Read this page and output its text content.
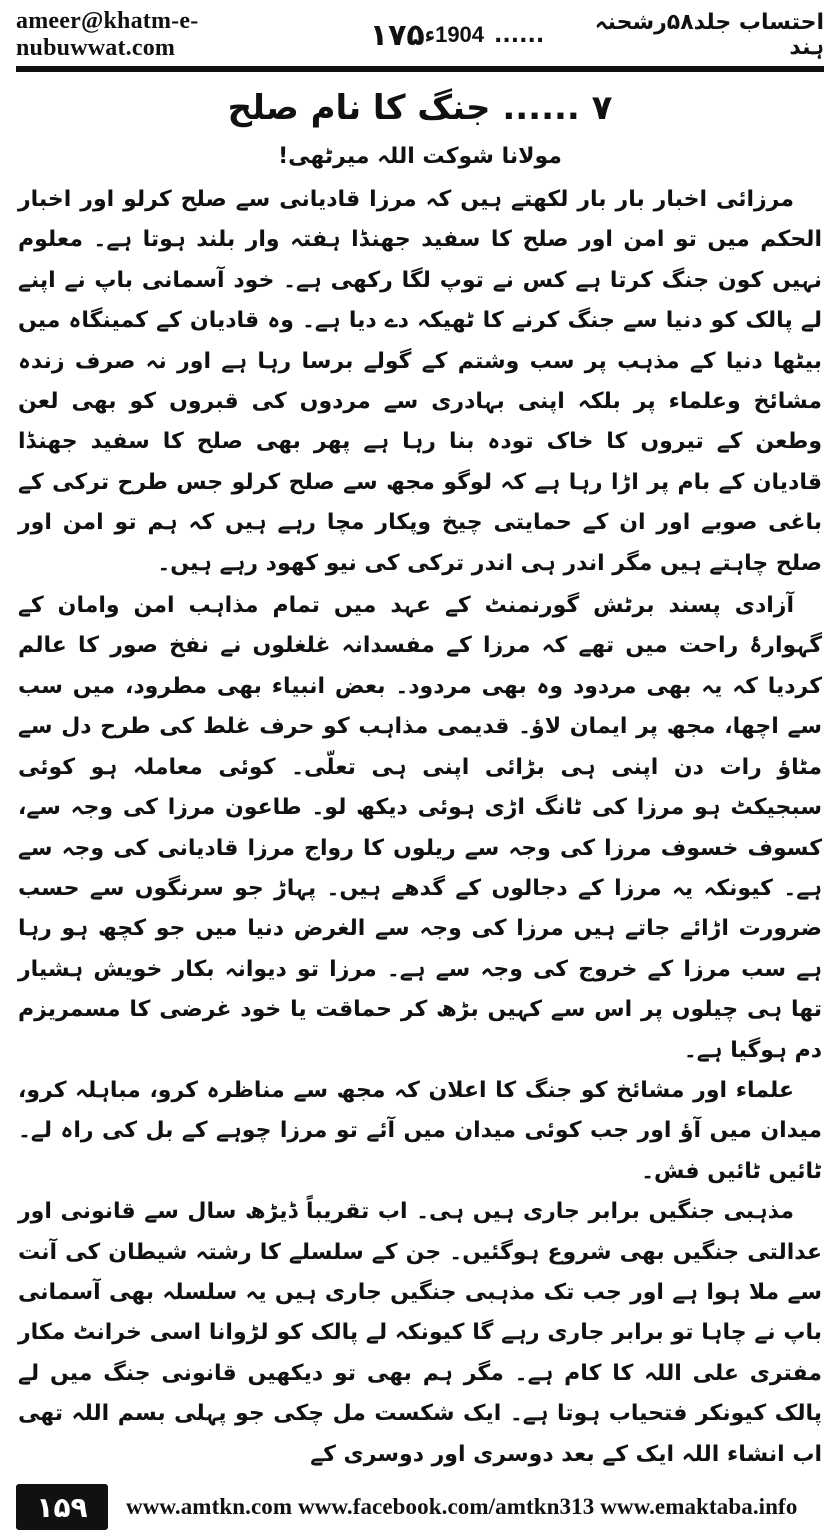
ameer@khatm-e-nubuwwat.com	۱۷۵	احتساب جلد۵۸رشحنہ ہند
......
1904ء
۷ ...... جنگ کا نام صلح

مولانا شوکت اللہ میرٹھی!

مرزائی اخبار بار بار لکھتے ہیں کہ مرزا قادیانی سے صلح کرلو اور اخبار الحکم میں تو امن اور صلح کا سفید جھنڈا ہفتہ وار بلند ہوتا ہے۔ معلوم نہیں کون جنگ کرتا ہے کس نے توپ لگا رکھی ہے۔ خود آسمانی باپ نے اپنے لے پالک کو دنیا سے جنگ کرنے کا ٹھیکہ دے دیا ہے۔ وہ قادیان کے کمینگاہ میں بیٹھا دنیا کے مذہب پر سب وشتم کے گولے برسا رہا ہے اور نہ صرف زندہ مشائخ وعلماء پر بلکہ اپنی بہادری سے مردوں کی قبروں کو بھی لعن وطعن کے تیروں کا خاک تودہ بنا رہا ہے پھر بھی صلح کا سفید جھنڈا قادیان کے بام پر اڑا رہا ہے کہ لوگو مجھ سے صلح کرلو جس طرح ترکی کے باغی صوبے اور ان کے حمایتی چیخ وپکار مچا رہے ہیں کہ ہم تو امن اور صلح چاہتے ہیں مگر اندر ہی اندر ترکی کی نیو کھود رہے ہیں۔

آزادی پسند برٹش گورنمنٹ کے عہد میں تمام مذاہب امن وامان کے گہوارۂ راحت میں تھے کہ مرزا کے مفسدانہ غلغلوں نے نفخ صور کا عالم کردیا کہ یہ بھی مردود وہ بھی مردود۔ بعض انبیاء بھی مطرود، میں سب سے اچھا، مجھ پر ایمان لاؤ۔ قدیمی مذاہب کو حرف غلط کی طرح دل سے مٹاؤ رات دن اپنی ہی بڑائی اپنی ہی تعلّی۔ کوئی معاملہ ہو کوئی سبجیکٹ ہو مرزا کی ٹانگ اڑی ہوئی دیکھ لو۔ طاعون مرزا کی وجہ سے، کسوف خسوف مرزا کی وجہ سے ریلوں کا رواج مرزا قادیانی کی وجہ سے ہے۔ کیونکہ یہ مرزا کے دجالوں کے گدھے ہیں۔ پہاڑ جو سرنگوں سے حسب ضرورت اڑائے جاتے ہیں مرزا کی وجہ سے الغرض دنیا میں جو کچھ ہو رہا ہے سب مرزا کے خروج کی وجہ سے ہے۔ مرزا تو دیوانہ بکار خویش ہشیار تھا ہی چیلوں پر اس سے کہیں بڑھ کر حماقت یا خود غرضی کا مسمریزم دم ہوگیا ہے۔

علماء اور مشائخ کو جنگ کا اعلان کہ مجھ سے مناظرہ کرو، مباہلہ کرو، میدان میں آؤ اور جب کوئی میدان میں آئے تو مرزا چوہے کے بل کی راہ لے۔ ٹائیں ٹائیں فش۔

مذہبی جنگیں برابر جاری ہیں ہی۔ اب تقریباً ڈیڑھ سال سے قانونی اور عدالتی جنگیں بھی شروع ہوگئیں۔ جن کے سلسلے کا رشتہ شیطان کی آنت سے ملا ہوا ہے اور جب تک مذہبی جنگیں جاری ہیں یہ سلسلہ بھی آسمانی باپ نے چاہا تو برابر جاری رہے گا کیونکہ لے پالک کو لڑوانا اسی خرانٹ مکار مفتری علی اللہ کا کام ہے۔ مگر ہم بھی تو دیکھیں قانونی جنگ میں لے پالک کیونکر فتحیاب ہوتا ہے۔ ایک شکست مل چکی جو پہلی بسم اللہ تھی اب انشاء اللہ ایک کے بعد دوسری اور دوسری کے

۱۵۹	www.amtkn.com www.facebook.com/amtkn313 www.emaktaba.info
